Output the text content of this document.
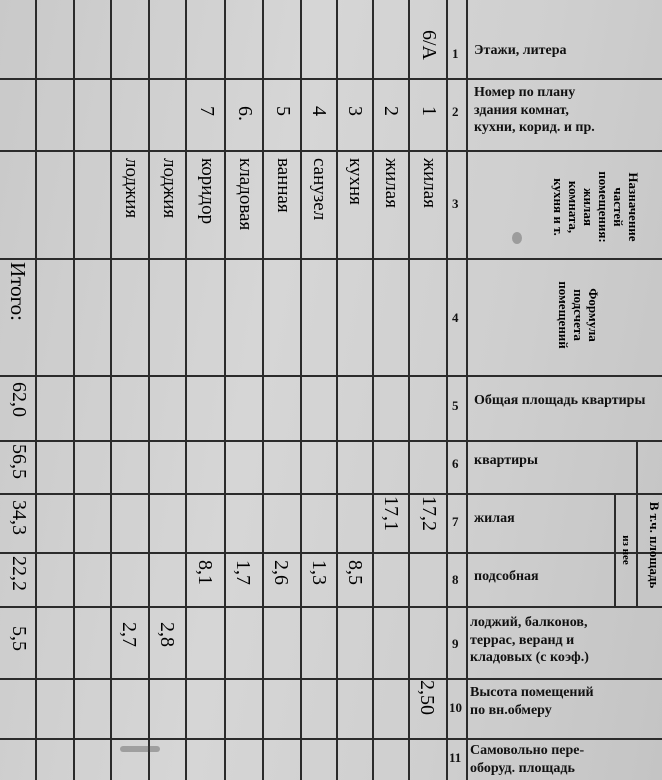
1
2
3
4
5
6
7
8
9
10
11
Этажи, литера
Номер по плану
здания комнат,
кухни, корид. и пр.
Назначение
частей
помещения:
жилая
комната,
кухня и т.
Формула
подсчета
помещений
Общая площадь квартиры
квартиры
жилая
подсобная
лоджий, балконов,
террас, веранд и
кладовых (с коэф.)
Высота помещений
по вн.обмеру
Самовольно пере-
оборуд. площадь
В т.ч. площадь
из нее
6/А
1
жилая
2
жилая
3
кухня
4
санузел
5
ванная
6.
кладовая
7
коридор
лоджия
лоджия
17,2
2,50
17,1
8,5
1,3
2,6
1,7
8,1
2,8
2,7
Итого:
62,0
56,5
34,3
22,2
5,5
